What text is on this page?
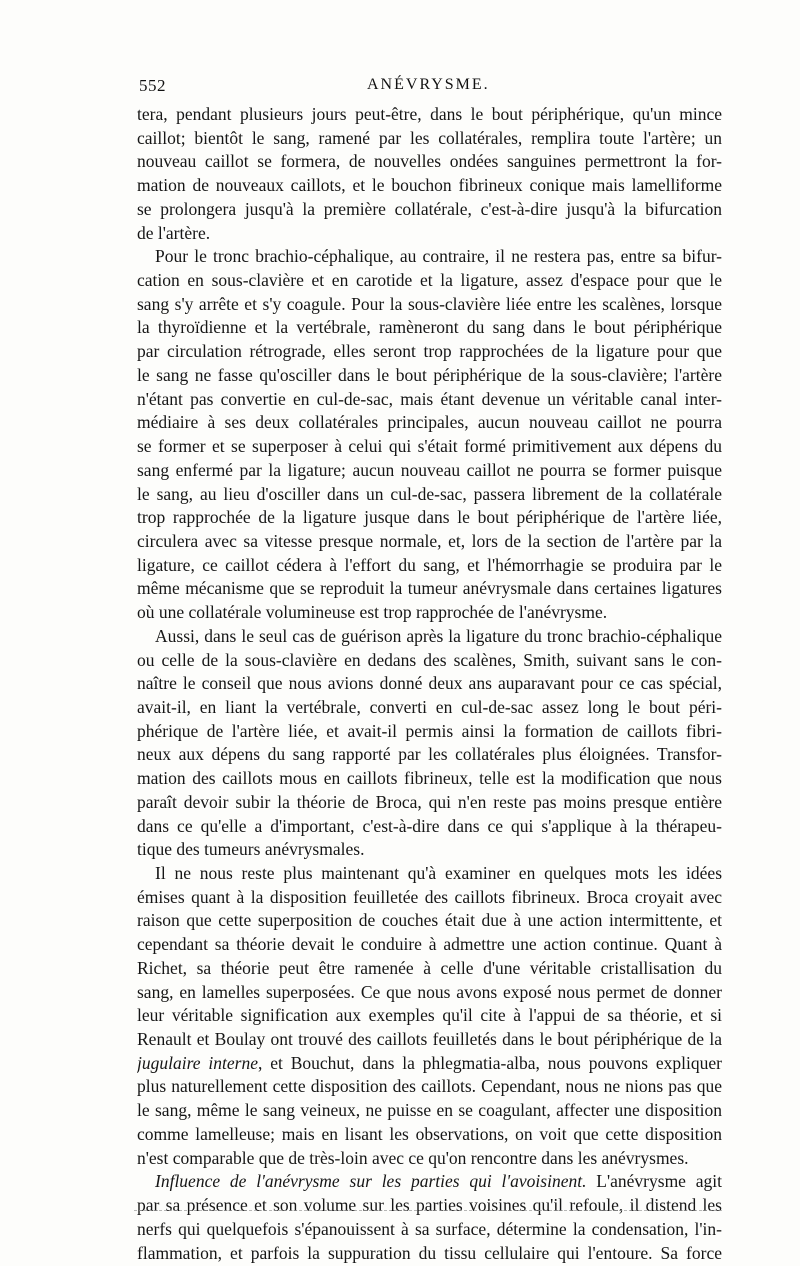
552	ANÉVRYSME.

tera, pendant plusieurs jours peut-être, dans le bout périphérique, qu'un mince
caillot; bientôt le sang, ramené par les collatérales, remplira toute l'artère; un
nouveau caillot se formera, de nouvelles ondées sanguines permettront la for-
mation de nouveaux caillots, et le bouchon fibrineux conique mais lamelliforme
se prolongera jusqu'à la première collatérale, c'est-à-dire jusqu'à la bifurcation
de l'artère.

Pour le tronc brachio-céphalique, au contraire, il ne restera pas, entre sa bifur-
cation en sous-clavière et en carotide et la ligature, assez d'espace pour que le
sang s'y arrête et s'y coagule. Pour la sous-clavière liée entre les scalènes, lorsque
la thyroïdienne et la vertébrale, ramèneront du sang dans le bout périphérique
par circulation rétrograde, elles seront trop rapprochées de la ligature pour que
le sang ne fasse qu'osciller dans le bout périphérique de la sous-clavière; l'artère
n'étant pas convertie en cul-de-sac, mais étant devenue un véritable canal inter-
médiaire à ses deux collatérales principales, aucun nouveau caillot ne pourra
se former et se superposer à celui qui s'était formé primitivement aux dépens du
sang enfermé par la ligature; aucun nouveau caillot ne pourra se former puisque
le sang, au lieu d'osciller dans un cul-de-sac, passera librement de la collatérale
trop rapprochée de la ligature jusque dans le bout périphérique de l'artère liée,
circulera avec sa vitesse presque normale, et, lors de la section de l'artère par la
ligature, ce caillot cédera à l'effort du sang, et l'hémorrhagie se produira par le
même mécanisme que se reproduit la tumeur anévrysmale dans certaines ligatures
où une collatérale volumineuse est trop rapprochée de l'anévrysme.

Aussi, dans le seul cas de guérison après la ligature du tronc brachio-céphalique
ou celle de la sous-clavière en dedans des scalènes, Smith, suivant sans le con-
naître le conseil que nous avions donné deux ans auparavant pour ce cas spécial,
avait-il, en liant la vertébrale, converti en cul-de-sac assez long le bout péri-
phérique de l'artère liée, et avait-il permis ainsi la formation de caillots fibri-
neux aux dépens du sang rapporté par les collatérales plus éloignées. Transfor-
mation des caillots mous en caillots fibrineux, telle est la modification que nous
paraît devoir subir la théorie de Broca, qui n'en reste pas moins presque entière
dans ce qu'elle a d'important, c'est-à-dire dans ce qui s'applique à la thérapeu-
tique des tumeurs anévrysmales.

Il ne nous reste plus maintenant qu'à examiner en quelques mots les idées
émises quant à la disposition feuilletée des caillots fibrineux. Broca croyait avec
raison que cette superposition de couches était due à une action intermittente, et
cependant sa théorie devait le conduire à admettre une action continue. Quant à
Richet, sa théorie peut être ramenée à celle d'une véritable cristallisation du
sang, en lamelles superposées. Ce que nous avons exposé nous permet de donner
leur véritable signification aux exemples qu'il cite à l'appui de sa théorie, et si
Renault et Boulay ont trouvé des caillots feuilletés dans le bout périphérique de la
jugulaire interne, et Bouchut, dans la phlegmatia-alba, nous pouvons expliquer
plus naturellement cette disposition des caillots. Cependant, nous ne nions pas que
le sang, même le sang veineux, ne puisse en se coagulant, affecter une disposition
comme lamelleuse; mais en lisant les observations, on voit que cette disposition
n'est comparable que de très-loin avec ce qu'on rencontre dans les anévrysmes.

Influence de l'anévrysme sur les parties qui l'avoisinent. L'anévrysme agit
par sa présence et son volume sur les parties voisines qu'il refoule, il distend les
nerfs qui quelquefois s'épanouissent à sa surface, détermine la condensation, l'in-
flammation, et parfois la suppuration du tissu cellulaire qui l'entoure. Sa force
